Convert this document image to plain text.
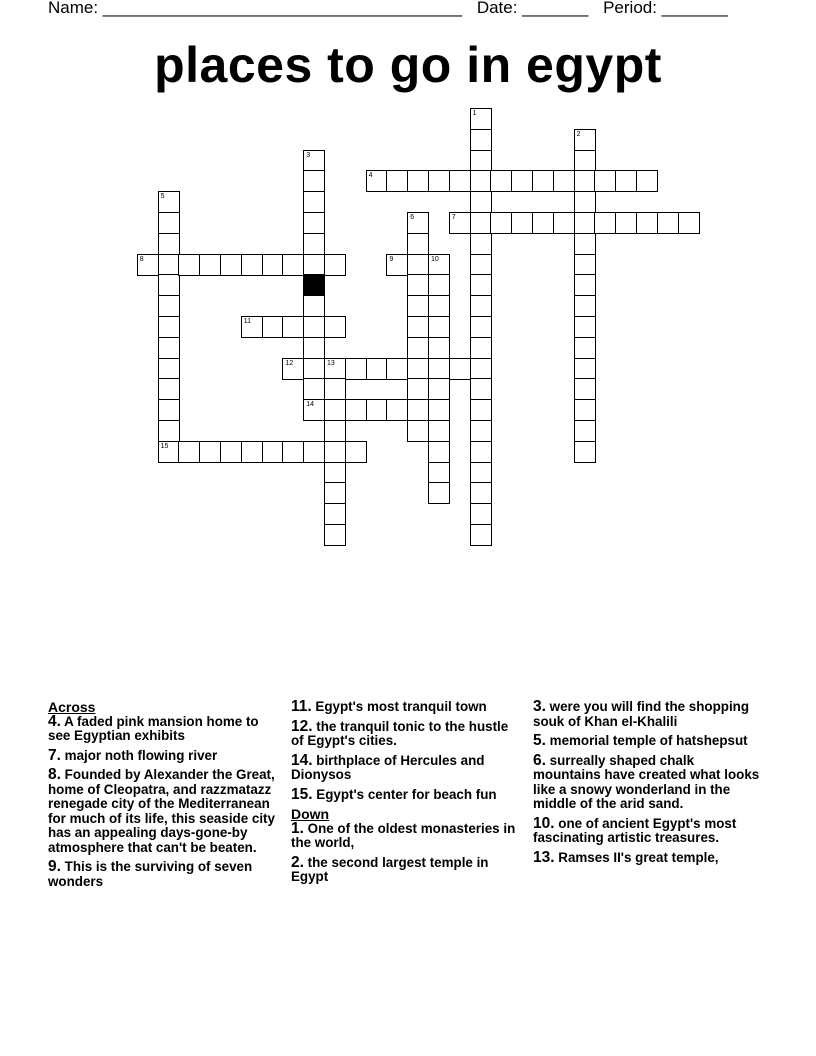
Name: ______________________________________ Date: _______ Period: _______
places to go in egypt
1
2
3
4
5
15
6	7
8	9	10
11
12	13
14
Across
4. A faded pink mansion home to see Egyptian exhibits
7. major noth flowing river
8. Founded by Alexander the Great, home of Cleopatra, and razzmatazz renegade city of the Mediterranean for much of its life, this seaside city has an appealing days-gone-by atmosphere that can't be beaten.
9. This is the surviving of seven wonders
11. Egypt's most tranquil town
12. the tranquil tonic to the hustle of Egypt's cities.
14. birthplace of Hercules and Dionysos
15. Egypt's center for beach fun
Down
1. One of the oldest monasteries in the world,
2. the second largest temple in Egypt
3. were you will find the shopping souk of Khan el-Khalili
5. memorial temple of hatshepsut
6. surreally shaped chalk mountains have created what looks like a snowy wonderland in the middle of the arid sand.
10. one of ancient Egypt's most fascinating artistic treasures.
13. Ramses II's great temple,
